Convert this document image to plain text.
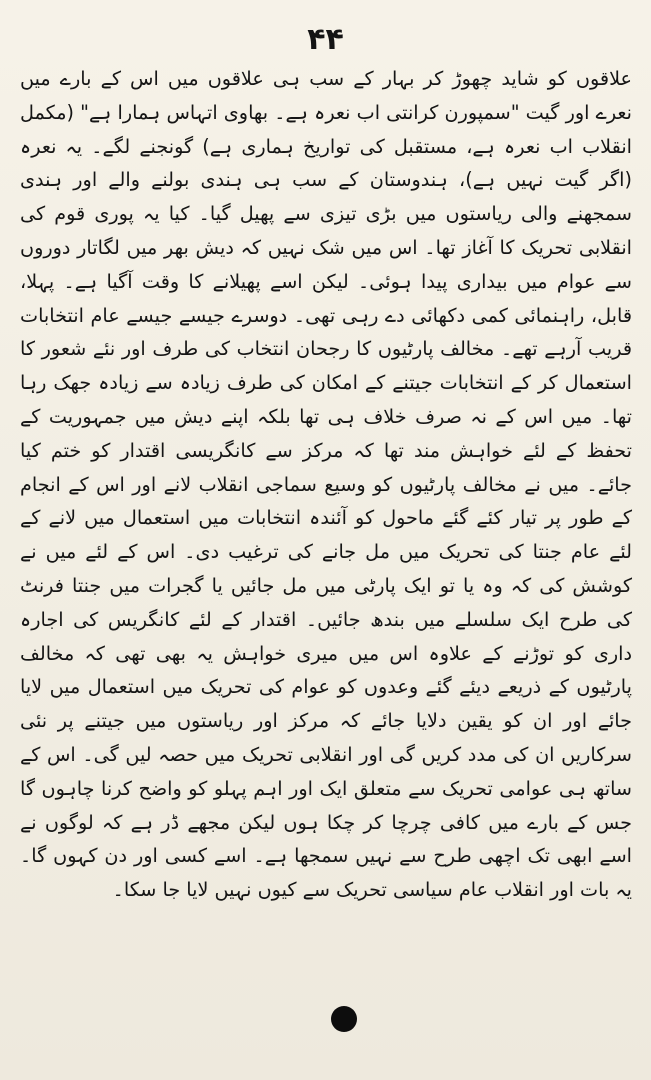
۴۴
علاقوں کو شاید چھوڑ کر بہار کے سب ہی علاقوں میں اس کے بارے میں نعرے اور گیت "سمپورن کرانتی اب نعرہ ہے۔ بھاوی اتہاس ہمارا ہے" (مکمل انقلاب اب نعرہ ہے، مستقبل کی تواریخ ہماری ہے) گونجنے لگے۔ یہ نعرہ (اگر گیت نہیں ہے)، ہندوستان کے سب ہی ہندی بولنے والے اور ہندی سمجھنے والی ریاستوں میں بڑی تیزی سے پھیل گیا۔ کیا یہ پوری قوم کی انقلابی تحریک کا آغاز تھا۔ اس میں شک نہیں کہ دیش بھر میں لگاتار دوروں سے عوام میں بیداری پیدا ہوئی۔ لیکن اسے پھیلانے کا وقت آگیا ہے۔ پہلا، قابل، راہنمائی کمی دکھائی دے رہی تھی۔ دوسرے جیسے جیسے عام انتخابات قریب آرہے تھے۔ مخالف پارٹیوں کا رجحان انتخاب کی طرف اور نئے شعور کا استعمال کر کے انتخابات جیتنے کے امکان کی طرف زیادہ سے زیادہ جھک رہا تھا۔ میں اس کے نہ صرف خلاف ہی تھا بلکہ اپنے دیش میں جمہوریت کے تحفظ کے لئے خواہش مند تھا کہ مرکز سے کانگریسی اقتدار کو ختم کیا جائے۔ میں نے مخالف پارٹیوں کو وسیع سماجی انقلاب لانے اور اس کے انجام کے طور پر تیار کئے گئے ماحول کو آئندہ انتخابات میں استعمال میں لانے کے لئے عام جنتا کی تحریک میں مل جانے کی ترغیب دی۔ اس کے لئے میں نے کوشش کی کہ وہ یا تو ایک پارٹی میں مل جائیں یا گجرات میں جنتا فرنٹ کی طرح ایک سلسلے میں بندھ جائیں۔ اقتدار کے لئے کانگریس کی اجارہ داری کو توڑنے کے علاوہ اس میں میری خواہش یہ بھی تھی کہ مخالف پارٹیوں کے ذریعے دیئے گئے وعدوں کو عوام کی تحریک میں استعمال میں لایا جائے اور ان کو یقین دلایا جائے کہ مرکز اور ریاستوں میں جیتنے پر نئی سرکاریں ان کی مدد کریں گی اور انقلابی تحریک میں حصہ لیں گی۔ اس کے ساتھ ہی عوامی تحریک سے متعلق ایک اور اہم پہلو کو واضح کرنا چاہوں گا جس کے بارے میں کافی چرچا کر چکا ہوں لیکن مجھے ڈر ہے کہ لوگوں نے اسے ابھی تک اچھی طرح سے نہیں سمجھا ہے۔ اسے کسی اور دن کہوں گا۔ یہ بات اور انقلاب عام سیاسی تحریک سے کیوں نہیں لایا جا سکا۔
